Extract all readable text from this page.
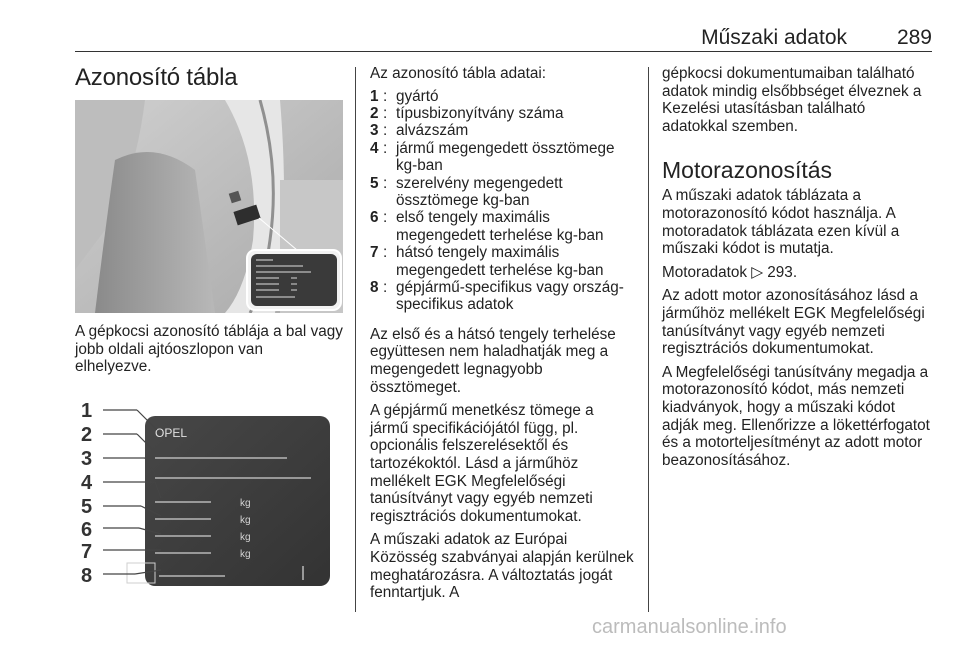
Műszaki adatok 289
Azonosító tábla

A gépkocsi azonosító táblája a bal vagy jobb oldali ajtóoszlopon van elhelyezve.

OPEL
kg
kg
kg
kg
1
2
3
4
5
6
7
8

Az azonosító tábla adatai:

1 : gyártó
2 : típusbizonyítvány száma
3 : alvázszám
4 : jármű megengedett össztömege kg-ban
5 : szerelvény megengedett össztömege kg-ban
6 : első tengely maximális megengedett terhelése kg-ban
7 : hátsó tengely maximális megengedett terhelése kg-ban
8 : gépjármű-specifikus vagy ország-specifikus adatok

Az első és a hátsó tengely terhelése együttesen nem haladhatják meg a megengedett legnagyobb össztömeget.

A gépjármű menetkész tömege a jármű specifikációjától függ, pl. opcionális felszerelésektől és tartozékoktól. Lásd a járműhöz mellékelt EGK Megfelelőségi tanúsítványt vagy egyéb nemzeti regisztrációs dokumentumokat.

A műszaki adatok az Európai Közösség szabványai alapján kerülnek meghatározásra. A változtatás jogát fenntartjuk. A

gépkocsi dokumentumaiban található adatok mindig elsőbbséget élveznek a Kezelési utasításban található adatokkal szemben.

Motorazonosítás

A műszaki adatok táblázata a motorazonosító kódot használja. A motoradatok táblázata ezen kívül a műszaki kódot is mutatja.

Motoradatok ▷ 293.

Az adott motor azonosításához lásd a járműhöz mellékelt EGK Megfelelőségi tanúsítványt vagy egyéb nemzeti regisztrációs dokumentumokat.

A Megfelelőségi tanúsítvány megadja a motorazonosító kódot, más nemzeti kiadványok, hogy a műszaki kódot adják meg. Ellenőrizze a lökettérfogatot és a motorteljesítményt az adott motor beazonosításához.

carmanualsonline.info
